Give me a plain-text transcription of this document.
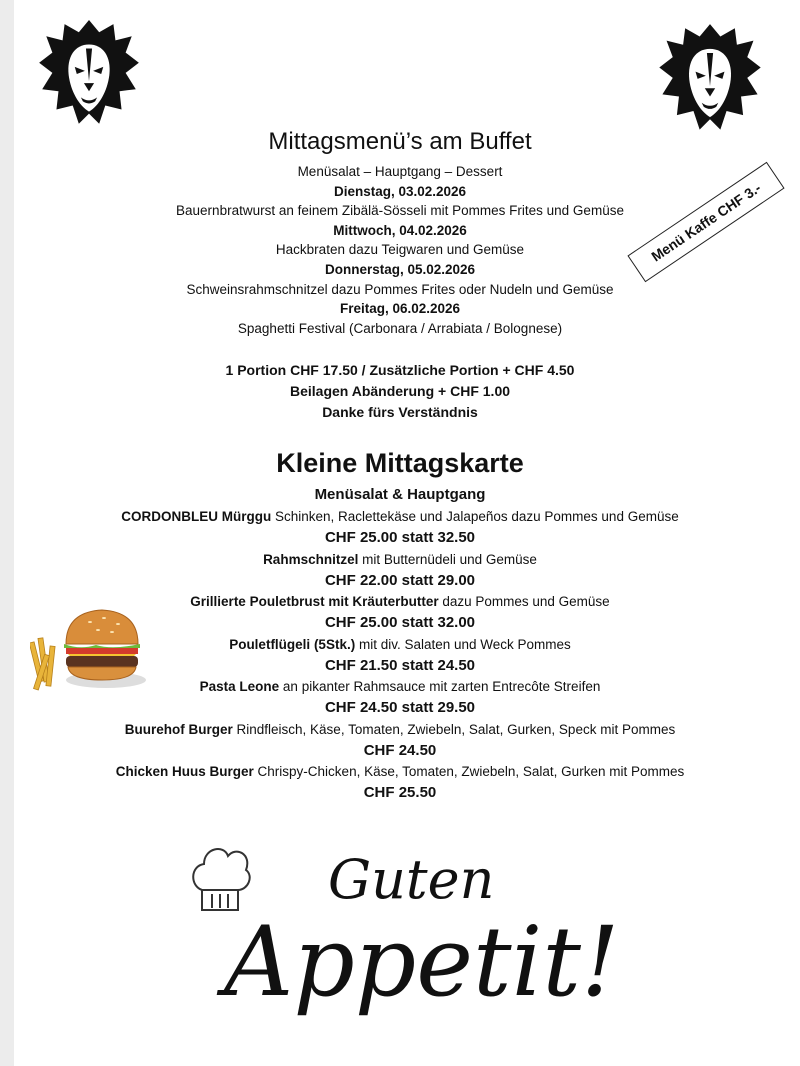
Mittagsmenü’s am Buffet
Menüsalat – Hauptgang – Dessert
Dienstag, 03.02.2026
Bauernbratwurst an feinem Zibälä-Sösseli mit Pommes Frites und Gemüse
Mittwoch, 04.02.2026
Hackbraten dazu Teigwaren und Gemüse
Donnerstag, 05.02.2026
Schweinsrahmschnitzel dazu Pommes Frites oder Nudeln und Gemüse
Freitag, 06.02.2026
Spaghetti Festival (Carbonara / Arrabiata / Bolognese)
1 Portion CHF 17.50 / Zusätzliche Portion + CHF 4.50
Beilagen Abänderung + CHF 1.00
Danke fürs Verständnis
Menü Kaffe CHF 3.-
Kleine Mittagskarte
Menüsalat & Hauptgang
CORDONBLEU Mürggu Schinken, Raclettekäse und Jalapeños dazu Pommes und Gemüse
CHF 25.00 statt 32.50
Rahmschnitzel mit Butternüdeli und Gemüse
CHF 22.00 statt 29.00
Grillierte Pouletbrust mit Kräuterbutter dazu Pommes und Gemüse
CHF 25.00 statt 32.00
Pouletflügeli (5Stk.) mit div. Salaten und Weck Pommes
CHF 21.50 statt 24.50
Pasta Leone an pikanter Rahmsauce mit zarten Entrecôte Streifen
CHF 24.50 statt 29.50
Buurehof Burger Rindfleisch, Käse, Tomaten, Zwiebeln, Salat, Gurken, Speck mit Pommes
CHF 24.50
Chicken Huus Burger Chrispy-Chicken, Käse, Tomaten, Zwiebeln, Salat, Gurken mit Pommes
CHF 25.50
Guten
Appetit!
